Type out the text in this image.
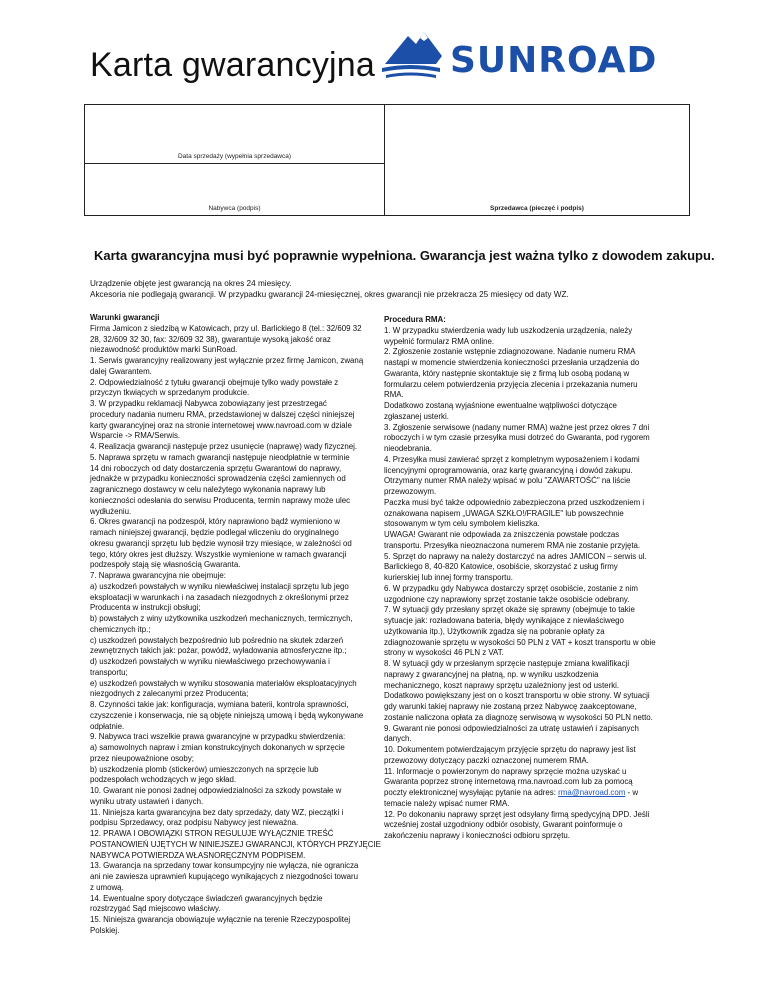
Karta gwarancyjna SUNROAD
Data sprzedaży (wypełnia sprzedawca)
Nabywca (podpis)	Sprzedawca (pieczęć i podpis)

Karta gwarancyjna musi być poprawnie wypełniona. Gwarancja jest ważna tylko z dowodem zakupu.

Urządzenie objęte jest gwarancją na okres 24 miesięcy.
Akcesoria nie podlegają gwarancji. W przypadku gwarancji 24-miesięcznej, okres gwarancji nie przekracza 25 miesięcy od daty WZ.
Warunki gwarancji
Firma Jamicon z siedzibą w Katowicach, przy ul. Barlickiego 8 (tel.: 32/609 32
28, 32/609 32 30, fax: 32/609 32 38), gwarantuje wysoką jakość oraz
niezawodność produktów marki SunRoad.
1. Serwis gwarancyjny realizowany jest wyłącznie przez firmę Jamicon, zwaną
dalej Gwarantem.
2. Odpowiedzialność z tytułu gwarancji obejmuje tylko wady powstałe z
przyczyn tkwiących w sprzedanym produkcie.
3. W przypadku reklamacji Nabywca zobowiązany jest przestrzegać
procedury nadania numeru RMA, przedstawionej w dalszej części niniejszej
karty gwarancyjnej oraz na stronie internetowej www.navroad.com w dziale
Wsparcie -> RMA/Serwis.
4. Realizacja gwarancji następuje przez usunięcie (naprawę) wady fizycznej.
5. Naprawa sprzętu w ramach gwarancji następuje nieodpłatnie w terminie
14 dni roboczych od daty dostarczenia sprzętu Gwarantowi do naprawy,
jednakże w przypadku konieczności sprowadzenia części zamiennych od
zagranicznego dostawcy w celu należytego wykonania naprawy lub
konieczności odesłania do serwisu Producenta, termin naprawy może ulec
wydłużeniu.
6. Okres gwarancji na podzespół, który naprawiono bądź wymieniono w
ramach niniejszej gwarancji, będzie podlegał wliczeniu do oryginalnego
okresu gwarancji sprzętu lub będzie wynosił trzy miesiące, w zależności od
tego, który okres jest dłuższy. Wszystkie wymienione w ramach gwarancji
podzespoły stają się własnością Gwaranta.
7. Naprawa gwarancyjna nie obejmuje:
a) uszkodzeń powstałych w wyniku niewłaściwej instalacji sprzętu lub jego
eksploatacji w warunkach i na zasadach niezgodnych z określonymi przez
Producenta w instrukcji obsługi;
b) powstałych z winy użytkownika uszkodzeń mechanicznych, termicznych,
chemicznych itp.;
c) uszkodzeń powstałych bezpośrednio lub pośrednio na skutek zdarzeń
zewnętrznych takich jak: pożar, powódź, wyładowania atmosferyczne itp.;
d) uszkodzeń powstałych w wyniku niewłaściwego przechowywania i
transportu;
e) uszkodzeń powstałych w wyniku stosowania materiałów eksploatacyjnych
niezgodnych z zalecanymi przez Producenta;
8. Czynności takie jak: konfiguracja, wymiana baterii, kontrola sprawności,
czyszczenie i konserwacja, nie są objęte niniejszą umową i będą wykonywane
odpłatnie.
9. Nabywca traci wszelkie prawa gwarancyjne w przypadku stwierdzenia:
a) samowolnych napraw i zmian konstrukcyjnych dokonanych w sprzęcie
przez nieupoważnione osoby;
b) uszkodzenia plomb (stickerów) umieszczonych na sprzęcie lub
podzespołach wchodzących w jego skład.
10. Gwarant nie ponosi żadnej odpowiedzialności za szkody powstałe w
wyniku utraty ustawień i danych.
11. Niniejsza karta gwarancyjna bez daty sprzedaży, daty WZ, pieczątki i
podpisu Sprzedawcy, oraz podpisu Nabywcy jest nieważna.
12. PRAWA I OBOWIĄZKI STRON REGULUJE WYŁĄCZNIE TREŚĆ
POSTANOWIEŃ UJĘTYCH W NINIEJSZEJ GWARANCJI, KTÓRYCH PRZYJĘCIE
NABYWCA POTWIERDZA WŁASNORĘCZNYM PODPISEM.
13. Gwarancja na sprzedany towar konsumpcyjny nie wyłącza, nie ogranicza
ani nie zawiesza uprawnień kupującego wynikających z niezgodności towaru
z umową.
14. Ewentualne spory dotyczące świadczeń gwarancyjnych będzie
rozstrzygać Sąd miejscowo właściwy.
15. Niniejsza gwarancja obowiązuje wyłącznie na terenie Rzeczypospolitej
Polskiej.
Procedura RMA:
1. W przypadku stwierdzenia wady lub uszkodzenia urządzenia, należy
wypełnić formularz RMA online.
2. Zgłoszenie zostanie wstępnie zdiagnozowane. Nadanie numeru RMA
nastąpi w momencie stwierdzenia konieczności przesłania urządzenia do
Gwaranta, który następnie skontaktuje się z firmą lub osobą podaną w
formularzu celem potwierdzenia przyjęcia zlecenia i przekazania numeru
RMA.
Dodatkowo zostaną wyjaśnione ewentualne wątpliwości dotyczące
zgłaszanej usterki.
3. Zgłoszenie serwisowe (nadany numer RMA) ważne jest przez okres 7 dni
roboczych i w tym czasie przesyłka musi dotrzeć do Gwaranta, pod rygorem
nieodebrania.
4. Przesyłka musi zawierać sprzęt z kompletnym wyposażeniem i kodami
licencyjnymi oprogramowania, oraz kartę gwarancyjną i dowód zakupu.
Otrzymany numer RMA należy wpisać w polu "ZAWARTOŚĆ" na liście
przewozowym.
Paczka musi być także odpowiednio zabezpieczona przed uszkodzeniem i
oznakowana napisem „UWAGA SZKŁO!/FRAGILE" lub powszechnie
stosowanym w tym celu symbolem kieliszka.
UWAGA! Gwarant nie odpowiada za zniszczenia powstałe podczas
transportu. Przesyłka nieoznaczona numerem RMA nie zostanie przyjęta.
5. Sprzęt do naprawy na należy dostarczyć na adres JAMICON – serwis ul.
Barlickiego 8, 40-820 Katowice, osobiście, skorzystać z usług firmy
kurierskiej lub innej formy transportu.
6. W przypadku gdy Nabywca dostarczy sprzęt osobiście, zostanie z nim
uzgodnione czy naprawiony sprzęt zostanie także osobiście odebrany.
7. W sytuacji gdy przesłany sprzęt okaże się sprawny (obejmuje to takie
sytuacje jak: rozładowana bateria, błędy wynikające z niewłaściwego
użytkowania itp.), Użytkownik zgadza się na pobranie opłaty za
zdiagnozowanie sprzętu w wysokości 50 PLN z VAT + koszt transportu w obie
strony w wysokości 46 PLN z VAT.
8. W sytuacji gdy w przesłanym sprzęcie następuje zmiana kwalifikacji
naprawy z gwarancyjnej na płatną, np. w wyniku uszkodzenia
mechanicznego, koszt naprawy sprzętu uzależniony jest od usterki.
Dodatkowo powiększany jest on o koszt transportu w obie strony. W sytuacji
gdy warunki takiej naprawy nie zostaną przez Nabywcę zaakceptowane,
zostanie naliczona opłata za diagnozę serwisową w wysokości 50 PLN netto.
9. Gwarant nie ponosi odpowiedzialności za utratę ustawień i zapisanych
danych.
10. Dokumentem potwierdzającym przyjęcie sprzętu do naprawy jest list
przewozowy dotyczący paczki oznaczonej numerem RMA.
11. Informacje o powierzonym do naprawy sprzęcie można uzyskać u
Gwaranta poprzez stronę internetową rma.navroad.com lub za pomocą
poczty elektronicznej wysyłając pytanie na adres: rma@navroad.com - w
temacie należy wpisać numer RMA.
12. Po dokonaniu naprawy sprzęt jest odsyłany firmą spedycyjną DPD. Jeśli
wcześniej został uzgodniony odbiór osobisty, Gwarant poinformuje o
zakończeniu naprawy i konieczności odbioru sprzętu.
